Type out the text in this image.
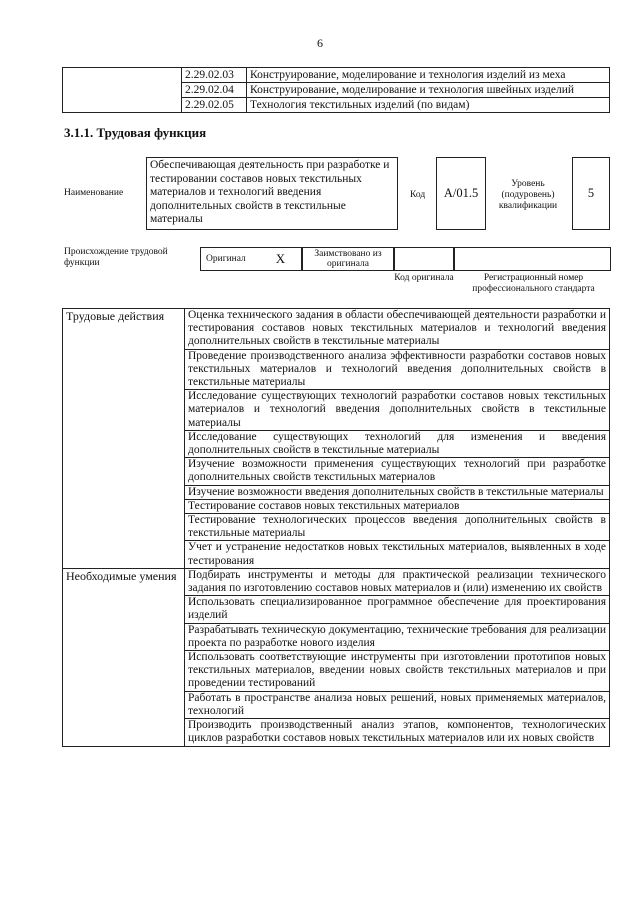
6
	2.29.02.03	Конструирование, моделирование и технология изделий из меха
	2.29.02.04	Конструирование, моделирование и технология швейных изделий
	2.29.02.05	Технология текстильных изделий (по видам)
3.1.1. Трудовая функция
Наименование
Обеспечивающая деятельность при разработке и тестировании составов новых текстильных материалов и технологий введения дополнительных свойств в текстильные материалы
Код	A/01.5
Уровень (подуровень) квалификации
5
Происхождение трудовой функции	Оригинал	X	Заимствовано из оригинала
Код оригинала	Регистрационный номер профессионального стандарта
Трудовые действия	Оценка технического задания в области обеспечивающей деятельности разработки и тестирования составов новых текстильных материалов и технологий введения дополнительных свойств в текстильные материалы
	Проведение производственного анализа эффективности разработки составов новых текстильных материалов и технологий введения дополнительных свойств в текстильные материалы
	Исследование существующих технологий разработки составов новых текстильных материалов и технологий введения дополнительных свойств в текстильные материалы
	Исследование существующих технологий для изменения и введения дополнительных свойств в текстильные материалы
	Изучение возможности применения существующих технологий при разработке дополнительных свойств текстильных материалов
	Изучение возможности введения дополнительных свойств в текстильные материалы
	Тестирование составов новых текстильных материалов
	Тестирование технологических процессов введения дополнительных свойств в текстильные материалы
	Учет и устранение недостатков новых текстильных материалов, выявленных в ходе тестирования
Необходимые умения	Подбирать инструменты и методы для практической реализации технического задания по изготовлению составов новых материалов и (или) изменению их свойств
	Использовать специализированное программное обеспечение для проектирования изделий
	Разрабатывать техническую документацию, технические требования для реализации проекта по разработке нового изделия
	Использовать соответствующие инструменты при изготовлении прототипов новых текстильных материалов, введении новых свойств текстильных материалов и при проведении тестирований
	Работать в пространстве анализа новых решений, новых применяемых материалов, технологий
	Производить производственный анализ этапов, компонентов, технологических циклов разработки составов новых текстильных материалов или их новых свойств
